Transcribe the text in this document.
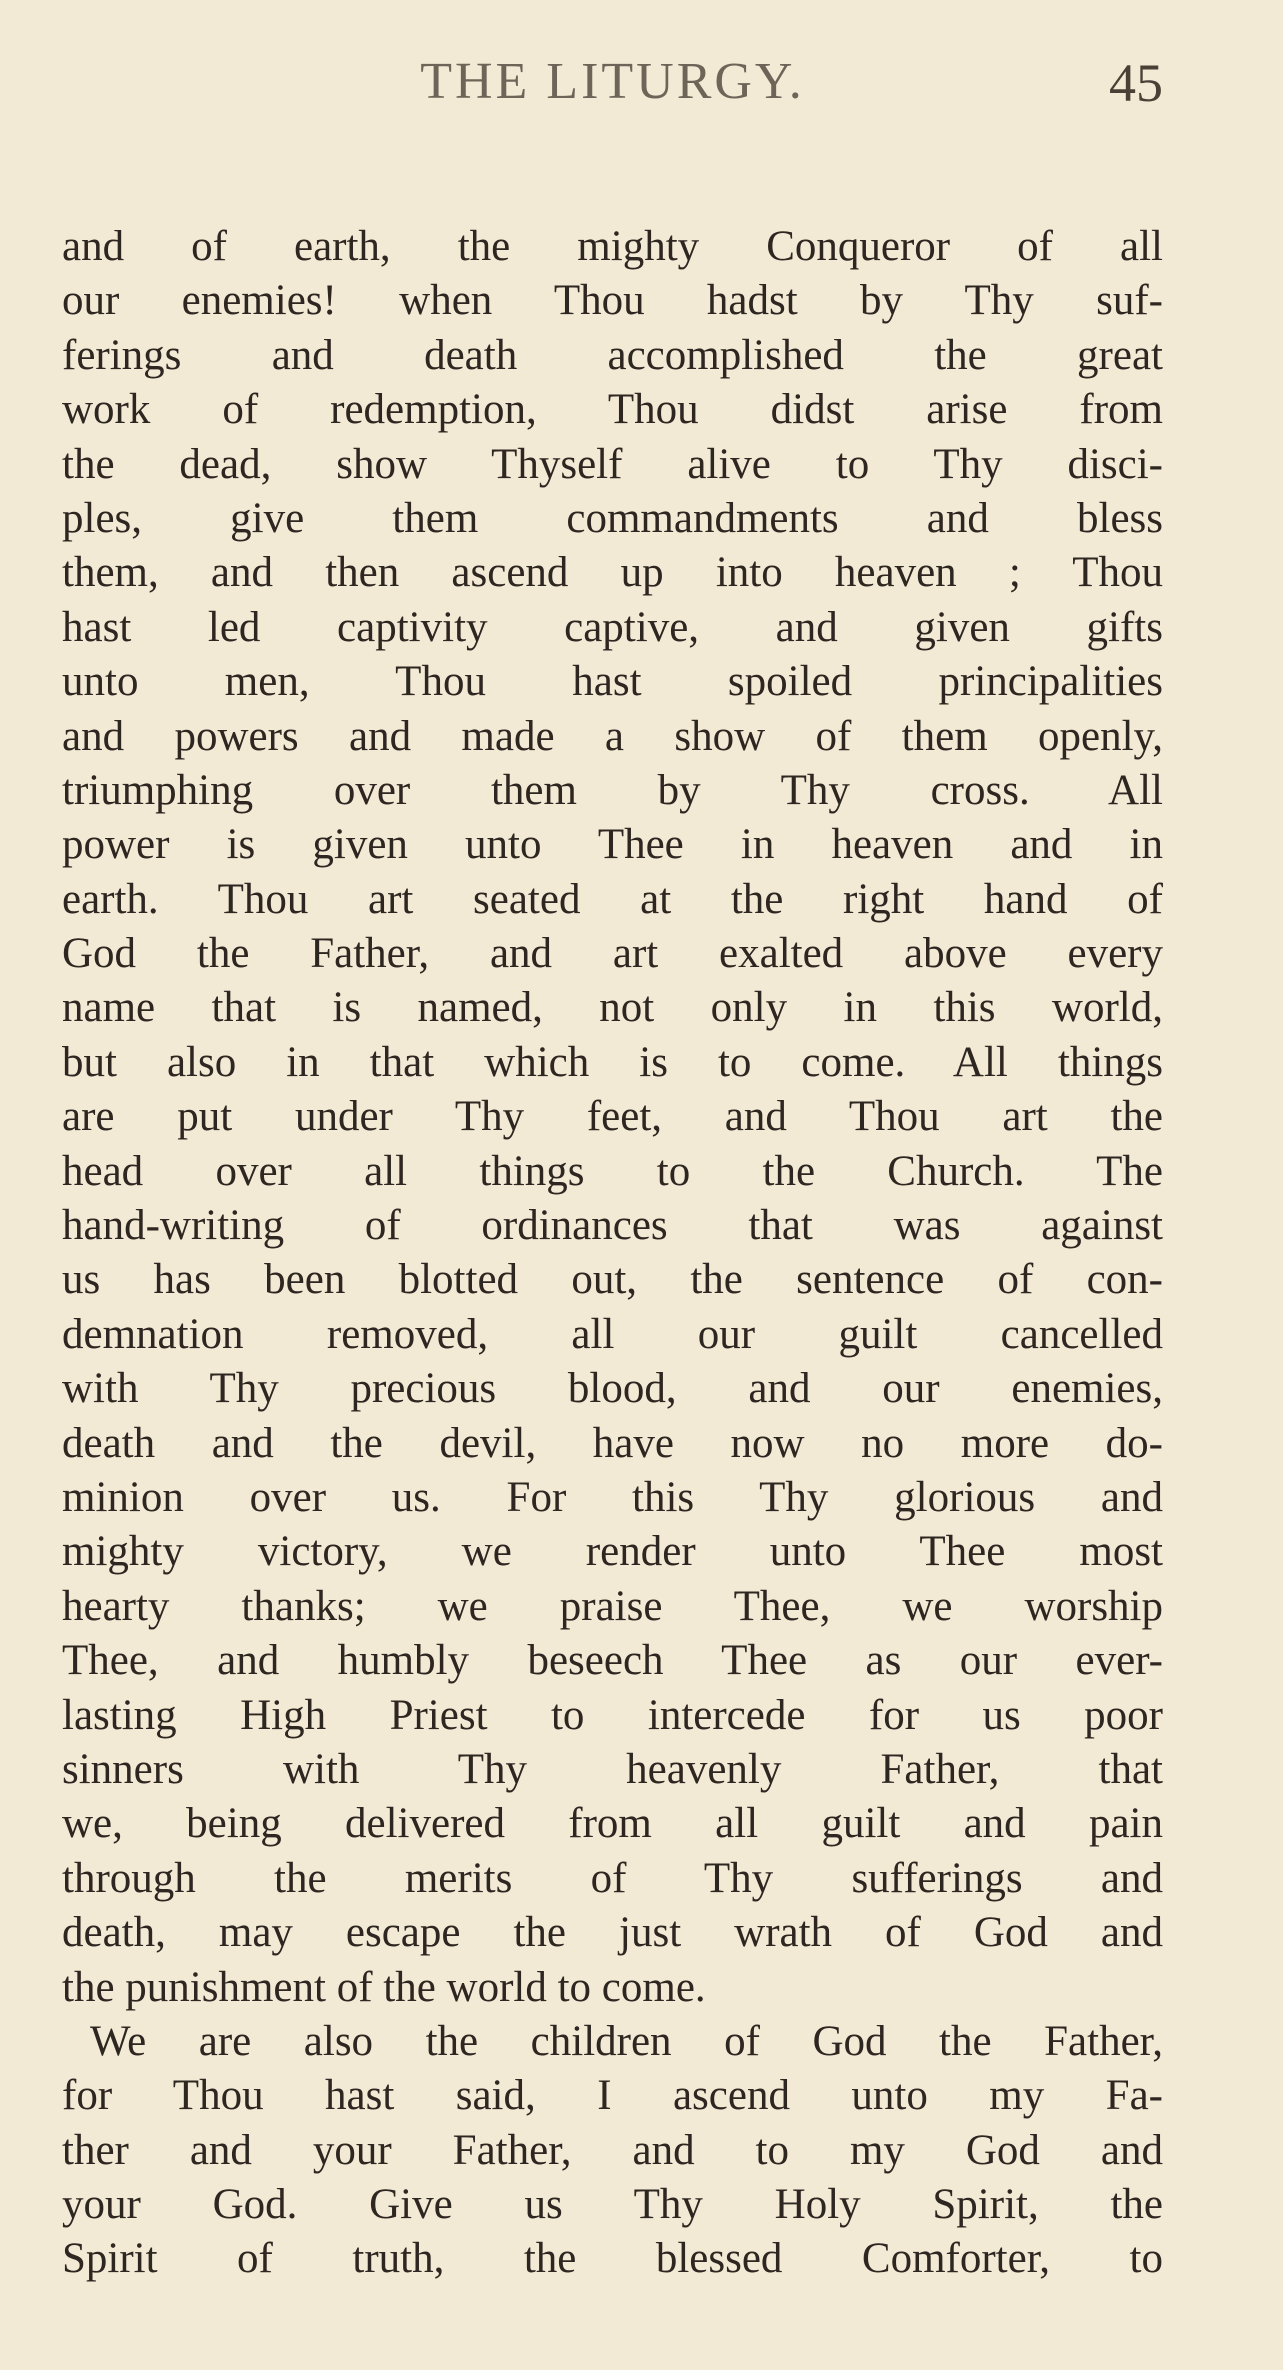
THE LITURGY.	45
and of earth, the mighty Conqueror of all
our enemies! when Thou hadst by Thy suf-
ferings and death accomplished the great
work of redemption, Thou didst arise from
the dead, show Thyself alive to Thy disci-
ples, give them commandments and bless
them, and then ascend up into heaven ; Thou
hast led captivity captive, and given gifts
unto men, Thou hast spoiled principalities
and powers and made a show of them openly,
triumphing over them by Thy cross. All
power is given unto Thee in heaven and in
earth. Thou art seated at the right hand of
God the Father, and art exalted above every
name that is named, not only in this world,
but also in that which is to come. All things
are put under Thy feet, and Thou art the
head over all things to the Church. The
hand-writing of ordinances that was against
us has been blotted out, the sentence of con-
demnation removed, all our guilt cancelled
with Thy precious blood, and our enemies,
death and the devil, have now no more do-
minion over us. For this Thy glorious and
mighty victory, we render unto Thee most
hearty thanks; we praise Thee, we worship
Thee, and humbly beseech Thee as our ever-
lasting High Priest to intercede for us poor
sinners with Thy heavenly Father, that
we, being delivered from all guilt and pain
through the merits of Thy sufferings and
death, may escape the just wrath of God and
the punishment of the world to come.
We are also the children of God the Father,
for Thou hast said, I ascend unto my Fa-
ther and your Father, and to my God and
your God. Give us Thy Holy Spirit, the
Spirit of truth, the blessed Comforter, to
